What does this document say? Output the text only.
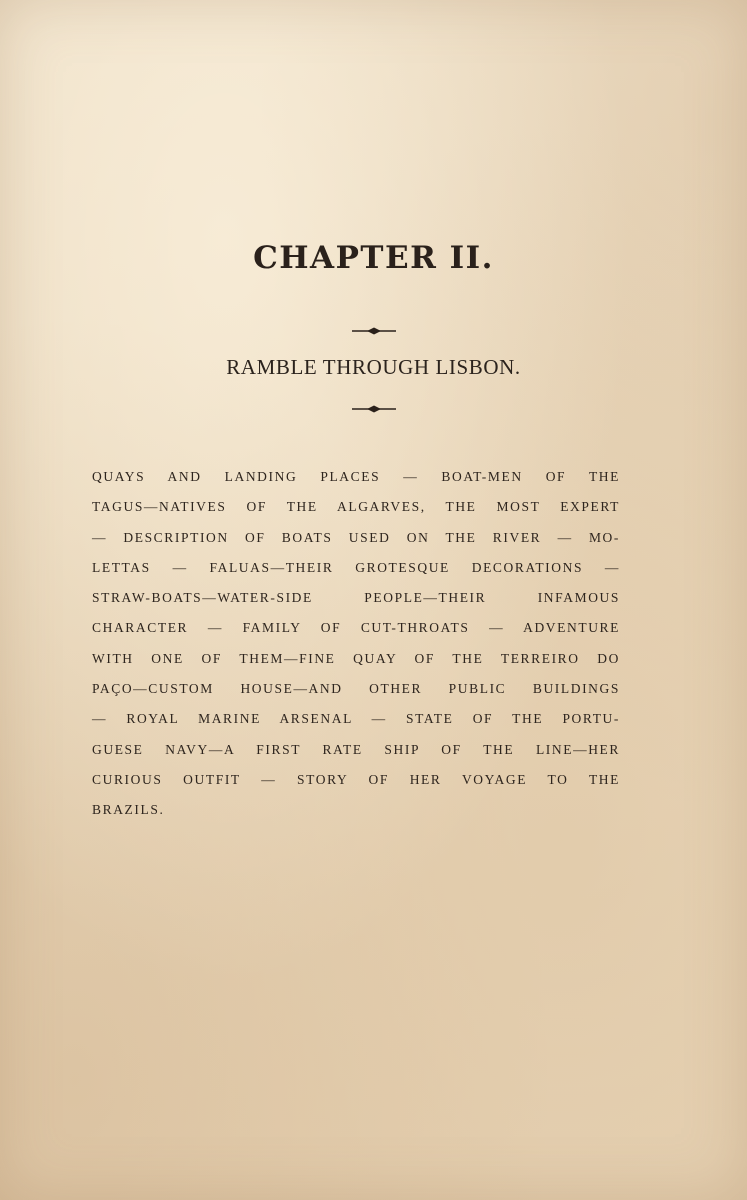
CHAPTER II.
RAMBLE THROUGH LISBON.
QUAYS AND LANDING PLACES — BOAT-MEN OF THE
TAGUS—NATIVES OF THE ALGARVES, THE MOST EXPERT
— DESCRIPTION OF BOATS USED ON THE RIVER — MO-
LETTAS — FALUAS—THEIR GROTESQUE DECORATIONS —
STRAW-BOATS—WATER-SIDE PEOPLE—THEIR INFAMOUS
CHARACTER — FAMILY OF CUT-THROATS — ADVENTURE
WITH ONE OF THEM—FINE QUAY OF THE TERREIRO DO
PAÇO—CUSTOM HOUSE—AND OTHER PUBLIC BUILDINGS
— ROYAL MARINE ARSENAL — STATE OF THE PORTU-
GUESE NAVY—A FIRST RATE SHIP OF THE LINE—HER
CURIOUS OUTFIT — STORY OF HER VOYAGE TO THE
BRAZILS.
